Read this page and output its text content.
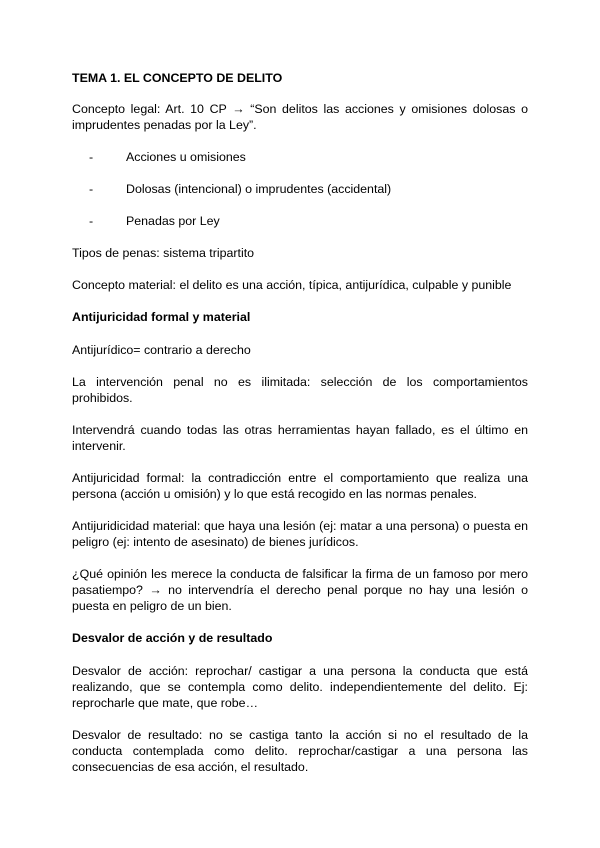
TEMA 1. EL CONCEPTO DE DELITO

Concepto legal: Art. 10 CP → “Son delitos las acciones y omisiones dolosas o imprudentes penadas por la Ley”.

-	Acciones u omisiones
-	Dolosas (intencional) o imprudentes (accidental)
-	Penadas por Ley

Tipos de penas: sistema tripartito

Concepto material: el delito es una acción, típica, antijurídica, culpable y punible

Antijuricidad formal y material

Antijurídico= contrario a derecho

La intervención penal no es ilimitada: selección de los comportamientos prohibidos.

Intervendrá cuando todas las otras herramientas hayan fallado, es el último en intervenir.

Antijuricidad formal: la contradicción entre el comportamiento que realiza una persona (acción u omisión) y lo que está recogido en las normas penales.

Antijuridicidad material: que haya una lesión (ej: matar a una persona) o puesta en peligro (ej: intento de asesinato) de bienes jurídicos.

¿Qué opinión les merece la conducta de falsificar la firma de un famoso por mero pasatiempo? → no intervendría el derecho penal porque no hay una lesión o puesta en peligro de un bien.

Desvalor de acción y de resultado

Desvalor de acción: reprochar/ castigar a una persona la conducta que está realizando, que se contempla como delito. independientemente del delito. Ej: reprocharle que mate, que robe…

Desvalor de resultado: no se castiga tanto la acción si no el resultado de la conducta contemplada como delito. reprochar/castigar a una persona las consecuencias de esa acción, el resultado.
